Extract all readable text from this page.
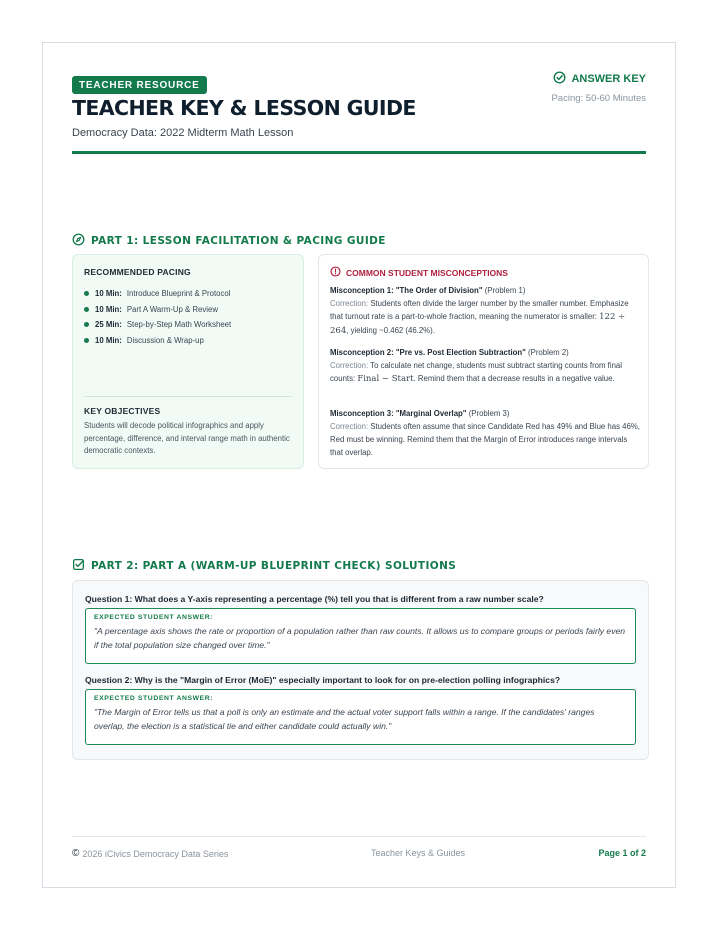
TEACHER RESOURCE
TEACHER KEY & LESSON GUIDE
Democracy Data: 2022 Midterm Math Lesson
ANSWER KEY
Pacing: 50-60 Minutes
PART 1: LESSON FACILITATION & PACING GUIDE
RECOMMENDED PACING
10 Min: Introduce Blueprint & Protocol
10 Min: Part A Warm-Up & Review
25 Min: Step-by-Step Math Worksheet
10 Min: Discussion & Wrap-up
KEY OBJECTIVES
Students will decode political infographics and apply percentage, difference, and interval range math in authentic democratic contexts.
COMMON STUDENT MISCONCEPTIONS
Misconception 1: "The Order of Division" (Problem 1)
Correction: Students often divide the larger number by the smaller number. Emphasize that turnout rate is a part-to-whole fraction, meaning the numerator is smaller: 122 ÷ 264, yielding ~0.462 (46.2%).
Misconception 2: "Pre vs. Post Election Subtraction" (Problem 2)
Correction: To calculate net change, students must subtract starting counts from final counts: Final − Start. Remind them that a decrease results in a negative value.
Misconception 3: "Marginal Overlap" (Problem 3)
Correction: Students often assume that since Candidate Red has 49% and Blue has 46%, Red must be winning. Remind them that the Margin of Error introduces range intervals that overlap.
PART 2: PART A (WARM-UP BLUEPRINT CHECK) SOLUTIONS
Question 1: What does a Y-axis representing a percentage (%) tell you that is different from a raw number scale?
EXPECTED STUDENT ANSWER:
"A percentage axis shows the rate or proportion of a population rather than raw counts. It allows us to compare groups or periods fairly even if the total population size changed over time."
Question 2: Why is the "Margin of Error (MoE)" especially important to look for on pre-election polling infographics?
EXPECTED STUDENT ANSWER:
"The Margin of Error tells us that a poll is only an estimate and the actual voter support falls within a range. If the candidates' ranges overlap, the election is a statistical tie and either candidate could actually win."
© 2026 iCivics Democracy Data Series	Teacher Keys & Guides	Page 1 of 2
